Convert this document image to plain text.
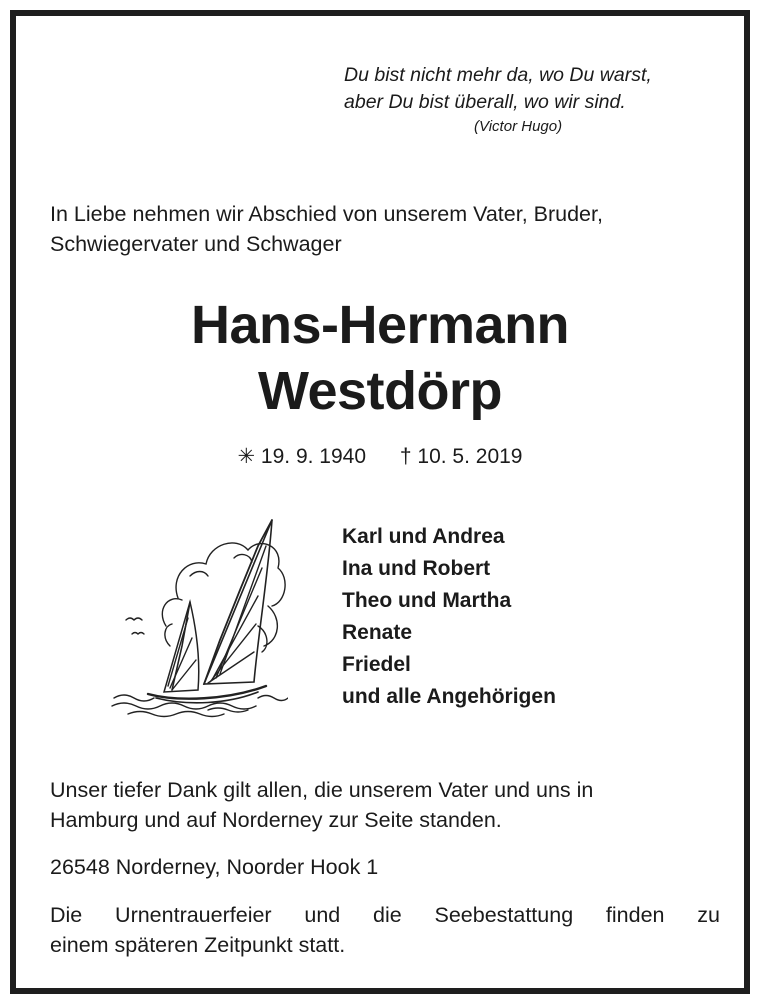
Du bist nicht mehr da, wo Du warst,
aber Du bist überall, wo wir sind.
(Victor Hugo)
In Liebe nehmen wir Abschied von unserem Vater, Bruder,
Schwiegervater und Schwager
Hans-Hermann
Westdörp
✳ 19. 9. 1940 † 10. 5. 2019
Karl und Andrea
Ina und Robert
Theo und Martha
Renate
Friedel
und alle Angehörigen
Unser tiefer Dank gilt allen, die unserem Vater und uns in
Hamburg und auf Norderney zur Seite standen.
26548 Norderney, Noorder Hook 1
Die Urnentrauerfeier und die Seebestattung finden zu
einem späteren Zeitpunkt statt.
